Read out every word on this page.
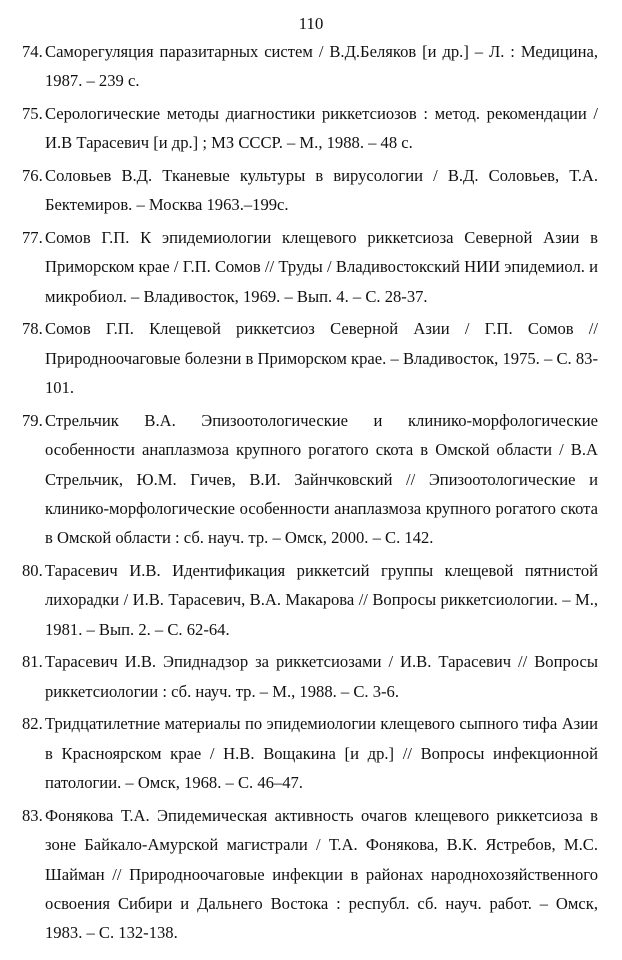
110
74. Саморегуляция паразитарных систем / В.Д.Беляков [и др.] – Л. : Медицина, 1987. – 239 с.
75. Серологические методы диагностики риккетсиозов : метод. рекомендации / И.В Тарасевич [и др.] ; МЗ СССР. – М., 1988. – 48 с.
76. Соловьев В.Д. Тканевые культуры в вирусологии / В.Д. Соловьев, Т.А. Бектемиров. – Москва 1963.–199с.
77. Сомов Г.П. К эпидемиологии клещевого риккетсиоза Северной Азии в Приморском крае / Г.П. Сомов // Труды / Владивостокский НИИ эпидемиол. и микробиол. – Владивосток, 1969. – Вып. 4. – С. 28-37.
78. Сомов Г.П. Клещевой риккетсиоз Северной Азии / Г.П. Сомов // Природноочаговые болезни в Приморском крае. – Владивосток, 1975. – С. 83-101.
79. Стрельчик В.А. Эпизоотологические и клинико-морфологические особенности анаплазмоза крупного рогатого скота в Омской области / В.А Стрельчик, Ю.М. Гичев, В.И. Зайнчковский // Эпизоотологические и клинико-морфологические особенности анаплазмоза крупного рогатого скота в Омской области : сб. науч. тр. – Омск, 2000. – С. 142.
80. Тарасевич И.В. Идентификация риккетсий группы клещевой пятнистой лихорадки / И.В. Тарасевич, В.А. Макарова // Вопросы риккетсиологии. – М., 1981. – Вып. 2. – С. 62-64.
81. Тарасевич И.В. Эпиднадзор за риккетсиозами / И.В. Тарасевич // Вопросы риккетсиологии : сб. науч. тр. – М., 1988. – С. 3-6.
82. Тридцатилетние материалы по эпидемиологии клещевого сыпного тифа Азии в Красноярском крае / Н.В. Вощакина [и др.] // Вопросы инфекционной патологии. – Омск, 1968. – С. 46–47.
83. Фонякова Т.А. Эпидемическая активность очагов клещевого риккетсиоза в зоне Байкало-Амурской магистрали / Т.А. Фонякова, В.К. Ястребов, М.С. Шайман // Природноочаговые инфекции в районах народнохозяйственного освоения Сибири и Дальнего Востока : республ. сб. науч. работ. – Омск, 1983. – С. 132-138.
